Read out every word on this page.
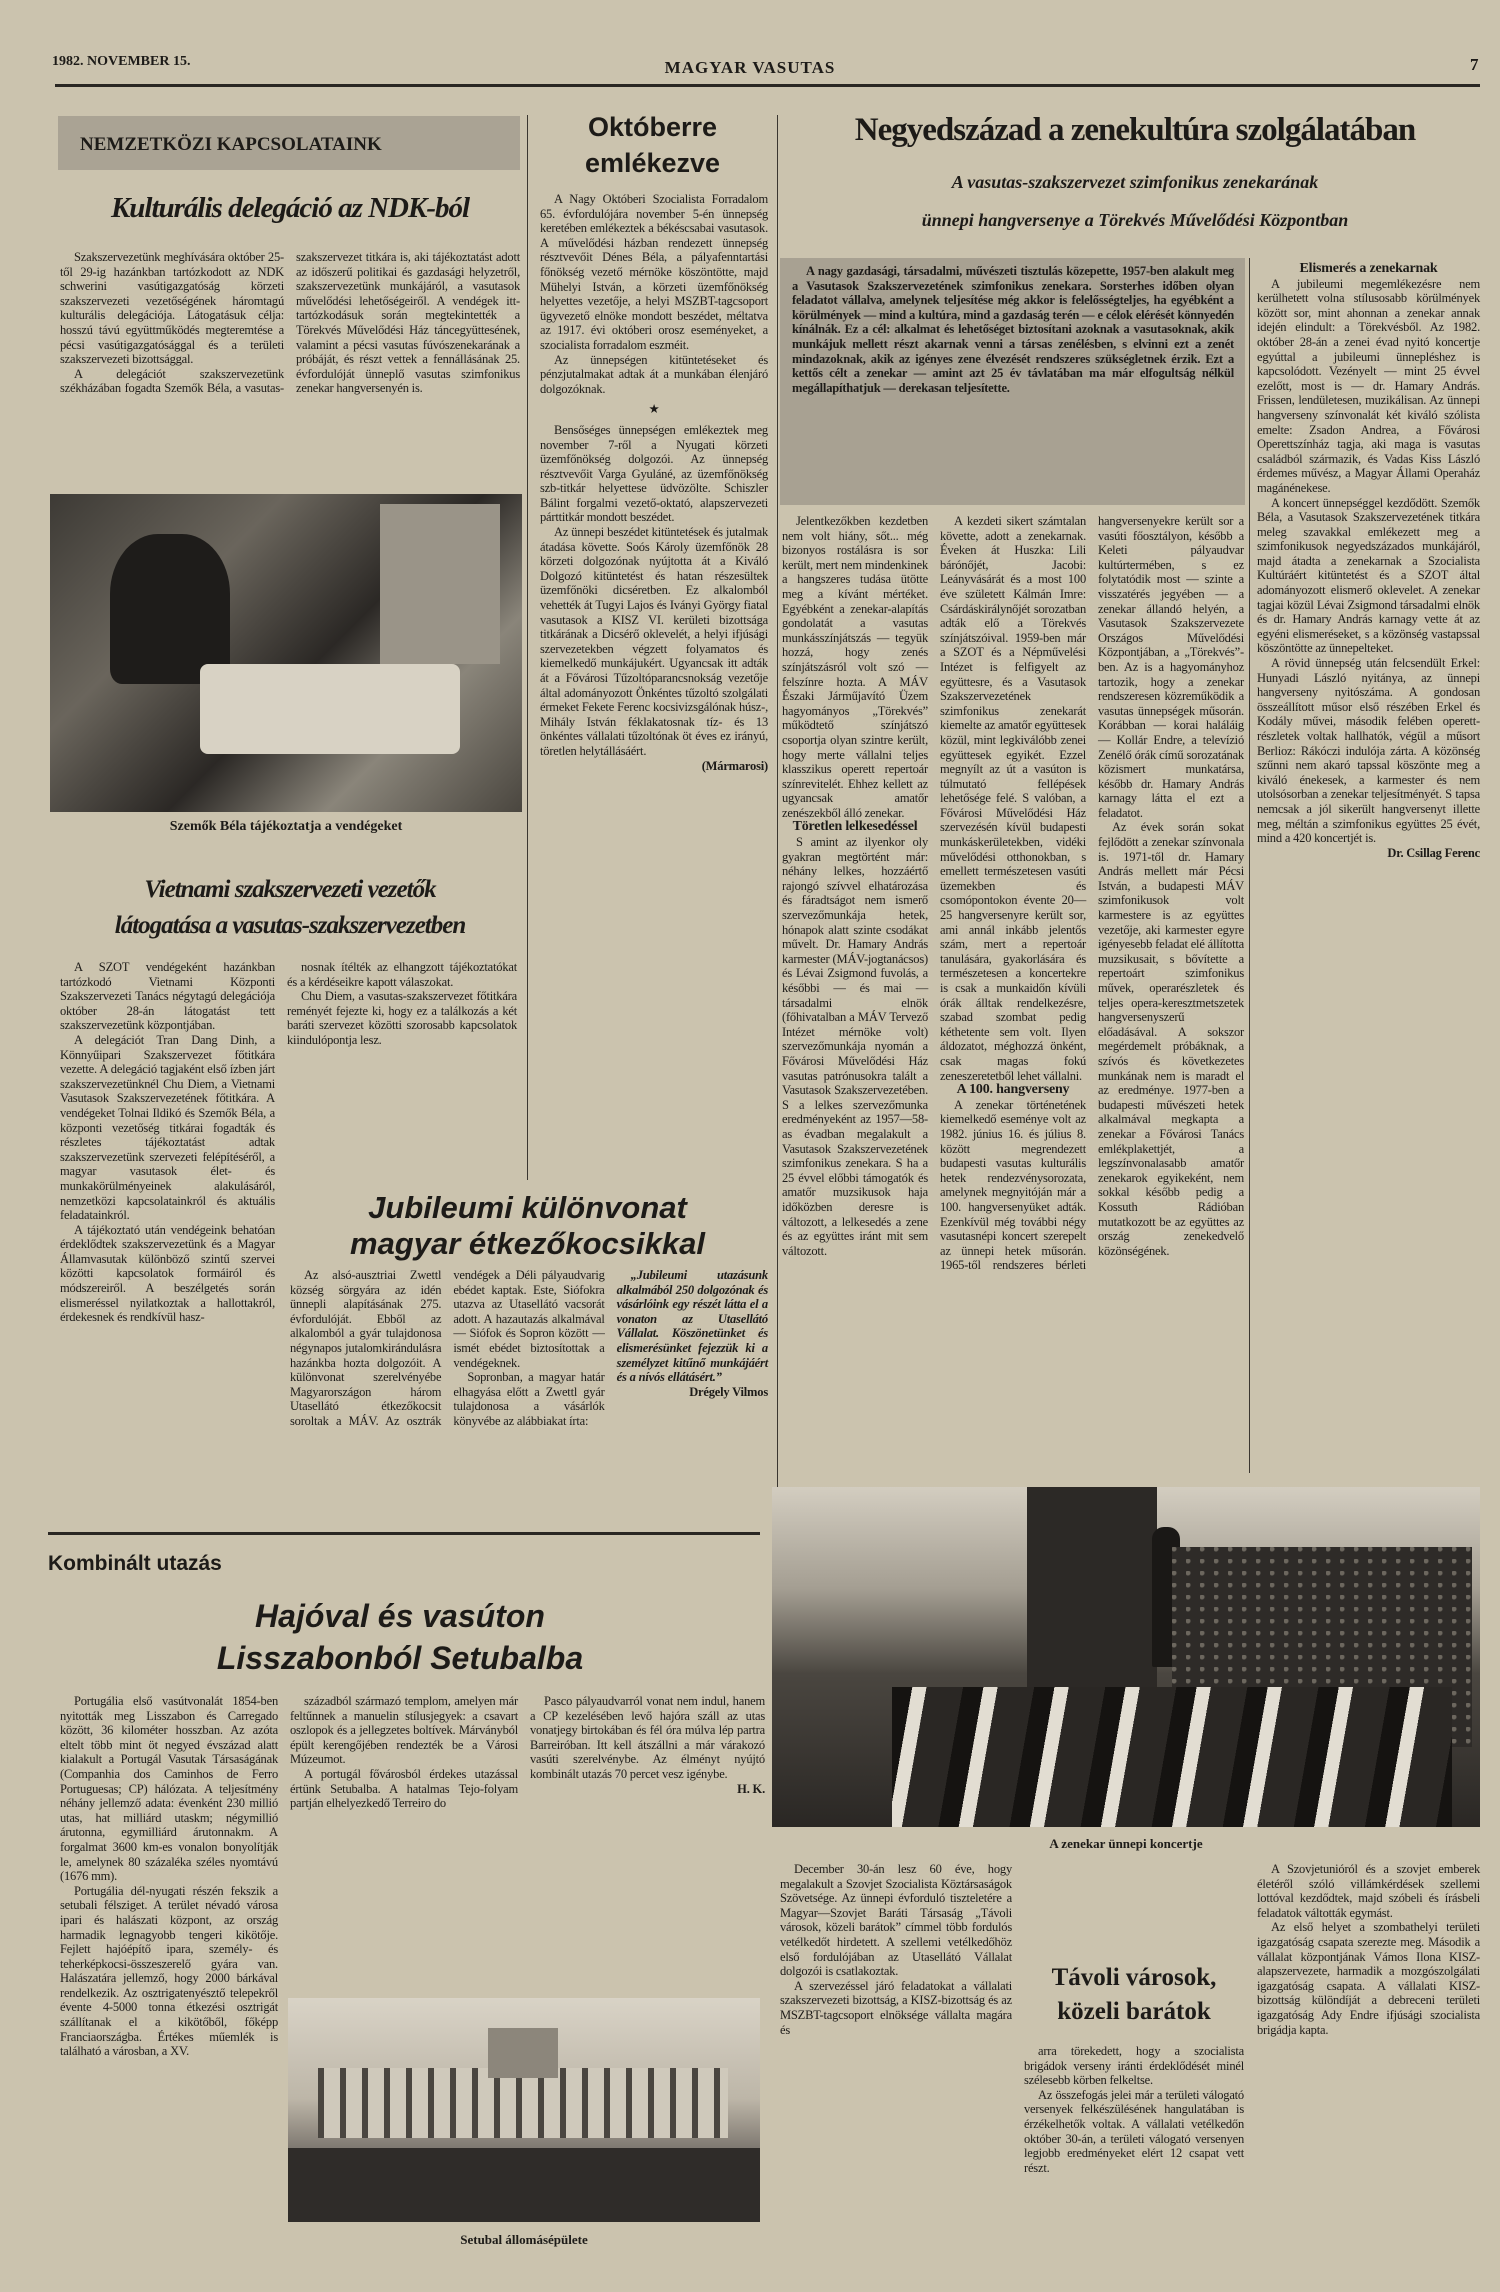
1982. NOVEMBER 15.	MAGYAR VASUTAS	7
NEMZETKÖZI KAPCSOLATAINK
Kulturális delegáció az NDK-ból

Szakszervezetünk meghívására október 25-től 29-ig hazánkban tartózkodott az NDK schwerini vasútigazgatóság körzeti szakszervezeti vezetőségének háromtagú kulturális delegációja. Látogatásuk célja: hosszú távú együttműködés megteremtése a pécsi vasútigazgatósággal és a területi szakszervezeti bizottsággal.

A delegációt szakszervezetünk székházában fogadta Szemők Béla, a vasutas-szakszervezet titkára is, aki tájékoztatást adott az időszerű politikai és gazdasági helyzetről, szakszervezetünk munkájáról, a vasutasok művelődési lehetőségeiről. A vendégek itt-tartózkodásuk során megtekintették a Törekvés Művelődési Ház táncegyüttesének, valamint a pécsi vasutas fúvószenekarának a próbáját, és részt vettek a fennállásának 25. évfordulóját ünneplő vasutas szimfonikus zenekar hangversenyén is.

Szemők Béla tájékoztatja a vendégeket
Vietnami szakszervezeti vezetők
látogatása a vasutas-szakszervezetben

A SZOT vendégeként hazánkban tartózkodó Vietnami Központi Szakszervezeti Tanács négytagú delegációja október 28-án látogatást tett szakszervezetünk központjában.

A delegációt Tran Dang Dinh, a Könnyűipari Szakszervezet főtitkára vezette. A delegáció tagjaként első ízben járt szakszervezetünknél Chu Diem, a Vietnami Vasutasok Szakszervezetének főtitkára. A vendégeket Tolnai Ildikó és Szemők Béla, a központi vezetőség titkárai fogadták és részletes tájékoztatást adtak szakszervezetünk szervezeti felépítéséről, a magyar vasutasok élet- és munkakörülményeinek alakulásáról, nemzetközi kapcsolatainkról és aktuális feladatainkról.

A tájékoztató után vendégeink behatóan érdeklődtek szakszervezetünk és a Magyar Államvasutak különböző szintű szervei közötti kapcsolatok formáiról és módszereiről. A beszélgetés során elismeréssel nyilatkoztak a hallottakról, érdekesnek és rendkívül hasz-

nosnak ítélték az elhangzott tájékoztatókat és a kérdéseikre kapott válaszokat.

Chu Diem, a vasutas-szakszervezet főtitkára reményét fejezte ki, hogy ez a találkozás a két baráti szervezet közötti szorosabb kapcsolatok kiindulópontja lesz.

Októberre
emlékezve

A Nagy Októberi Szocialista Forradalom 65. évfordulójára november 5-én ünnepség keretében emlékeztek a békéscsabai vasutasok. A művelődési házban rendezett ünnepség résztvevőit Dénes Béla, a pályafenntartási főnökség vezető mérnöke köszöntötte, majd Mühelyi István, a körzeti üzemfőnökség helyettes vezetője, a helyi MSZBT-tagcsoport ügyvezető elnöke mondott beszédet, méltatva az 1917. évi októberi orosz eseményeket, a szocialista forradalom eszméit.

Az ünnepségen kitüntetéseket és pénzjutalmakat adtak át a munkában élenjáró dolgozóknak.

★

Bensőséges ünnepségen emlékeztek meg november 7-ről a Nyugati körzeti üzemfőnökség dolgozói. Az ünnepség résztvevőit Varga Gyuláné, az üzemfőnökség szb-titkár helyettese üdvözölte. Schiszler Bálint forgalmi vezető-oktató, alapszervezeti párttitkár mondott beszédet.

Az ünnepi beszédet kitüntetések és jutalmak átadása követte. Soós Károly üzemfőnök 28 körzeti dolgozónak nyújtotta át a Kiváló Dolgozó kitüntetést és hatan részesültek üzemfőnöki dicséretben. Ez alkalomból vehették át Tugyi Lajos és Iványi György fiatal vasutasok a KISZ VI. kerületi bizottsága titkárának a Dicsérő oklevelét, a helyi ifjúsági szervezetekben végzett folyamatos és kiemelkedő munkájukért. Ugyancsak itt adták át a Fővárosi Tűzoltóparancsnokság vezetője által adományozott Önkéntes tűzoltó szolgálati érmeket Fekete Ferenc kocsivizsgálónak húsz-, Mihály István féklakatosnak tíz- és 13 önkéntes vállalati tűzoltónak öt éves ez irányú, töretlen helytállásáért.

(Mármarosi)

Jubileumi különvonat
magyar étkezőkocsikkal

Az alsó-ausztriai Zwettl község sörgyára az idén ünnepli alapításának 275. évfordulóját. Ebből az alkalomból a gyár tulajdonosa négynapos jutalomkirándulásra hazánkba hozta dolgozóit. A különvonat szerelvényébe Magyarországon három Utasellátó étkezőkocsit soroltak a MÁV. Az osztrák vendégek a Déli pályaudvarig ebédet kaptak. Este, Siófokra utazva az Utasellátó vacsorát adott. A hazautazás alkalmával — Siófok és Sopron között — ismét ebédet biztosítottak a vendégeknek.

Sopronban, a magyar határ elhagyása előtt a Zwettl gyár tulajdonosa a vásárlók könyvébe az alábbiakat írta:

„Jubileumi utazásunk alkalmából 250 dolgozónak és vásárlóink egy részét látta el a vonaton az Utasellátó Vállalat. Köszönetünket és elismerésünket fejezzük ki a személyzet kitűnő munkájáért és a nívós ellátásért.”

Drégely Vilmos

Kombinált utazás
Hajóval és vasúton
Lisszabonból Setubalba

Portugália első vasútvonalát 1854-ben nyitották meg Lisszabon és Carregado között, 36 kilométer hosszban. Az azóta eltelt több mint öt negyed évszázad alatt kialakult a Portugál Vasutak Társaságának (Companhia dos Caminhos de Ferro Portuguesas; CP) hálózata. A teljesítmény néhány jellemző adata: évenként 230 millió utas, hat milliárd utaskm; négymillió árutonna, egymilliárd árutonnakm. A forgalmat 3600 km-es vonalon bonyolítják le, amelynek 80 százaléka széles nyomtávú (1676 mm).

Portugália dél-nyugati részén fekszik a setubali félsziget. A terület névadó városa ipari és halászati központ, az ország harmadik legnagyobb tengeri kikötője. Fejlett hajóépítő ipara, személy- és teherképkocsi-összeszerelő gyára van. Halászatára jellemző, hogy 2000 bárkával rendelkezik. Az osztrigatenyésztő telepekről évente 4-5000 tonna étkezési osztrigát szállítanak el a kikötőből, főképp Franciaországba. Értékes műemlék is található a városban, a XV.

századból származó templom, amelyen már feltűnnek a manuelin stílusjegyek: a csavart oszlopok és a jellegzetes boltívek. Márványból épült kerengőjében rendezték be a Városi Múzeumot.

A portugál fővárosból érdekes utazással értünk Setubalba. A hatalmas Tejo-folyam partján elhelyezkedő Terreiro do

Pasco pályaudvarról vonat nem indul, hanem a CP kezelésében levő hajóra száll az utas vonatjegy birtokában és fél óra múlva lép partra Barreiróban. Itt kell átszállni a már várakozó vasúti szerelvénybe. Az élményt nyújtó kombinált utazás 70 percet vesz igénybe.

H. K.

Setubal állomásépülete
Negyedszázad a zenekultúra szolgálatában
A vasutas-szakszervezet szimfonikus zenekarának
ünnepi hangversenye a Törekvés Művelődési Központban

A nagy gazdasági, társadalmi, művészeti tisztulás közepette, 1957-ben alakult meg a Vasutasok Szakszervezetének szimfonikus zenekara. Sorsterhes időben olyan feladatot vállalva, amelynek teljesítése még akkor is felelősségteljes, ha egyébként a körülmények — mind a kultúra, mind a gazdaság terén — e célok elérését könnyedén kínálnák. Ez a cél: alkalmat és lehetőséget biztosítani azoknak a vasutasoknak, akik munkájuk mellett részt akarnak venni a társas zenélésben, s elvinni ezt a zenét mindazoknak, akik az igényes zene élvezését rendszeres szükségletnek érzik. Ezt a kettős célt a zenekar — amint azt 25 év távlatában ma már elfogultság nélkül megállapíthatjuk — derekasan teljesítette.

Jelentkezőkben kezdetben nem volt hiány, sőt... még bizonyos rostálásra is sor került, mert nem mindenkinek a hangszeres tudása ütötte meg a kívánt mértéket. Egyébként a zenekar-alapítás gondolatát a vasutas munkásszínjátszás — tegyük hozzá, hogy zenés színjátszásról volt szó — felszínre hozta. A MÁV Északi Járműjavító Üzem hagyományos „Törekvés” működtető színjátszó csoportja olyan szintre került, hogy merte vállalni teljes klasszikus operett repertoár színrevitelét. Ehhez kellett az ugyancsak amatőr zenészekből álló zenekar.

Töretlen lelkesedéssel

S amint az ilyenkor oly gyakran megtörtént már: néhány lelkes, hozzáértő rajongó szívvel elhatározása és fáradtságot nem ismerő szervezőmunkája hetek, hónapok alatt szinte csodákat művelt. Dr. Hamary András karmester (MÁV-jogtanácsos) és Lévai Zsigmond fuvolás, a későbbi — és mai — társadalmi elnök (főhivatalban a MÁV Tervező Intézet mérnöke volt) szervezőmunkája nyomán a Fővárosi Művelődési Ház vasutas patrónusokra talált a Vasutasok Szakszervezetében. S a lelkes szervezőmunka eredményeként az 1957—58-as évadban megalakult a Vasutasok Szakszervezetének szimfonikus zenekara. S ha a 25 évvel előbbi támogatók és amatőr muzsikusok haja időközben deresre is változott, a lelkesedés a zene és az együttes iránt mit sem változott.

A kezdeti sikert számtalan követte, adott a zenekarnak. Éveken át Huszka: Lili bárónőjét, Jacobi: Leányvásárát és a most 100 éve született Kálmán Imre: Csárdáskirálynőjét sorozatban adták elő a Törekvés színjátszóival. 1959-ben már a SZOT és a Népművelési Intézet is felfigyelt az együttesre, és a Vasutasok Szakszervezetének szimfonikus zenekarát kiemelte az amatőr együttesek közül, mint legkiválóbb zenei együttesek egyikét. Ezzel megnyílt az út a vasúton is túlmutató fellépések lehetősége felé. S valóban, a Fővárosi Művelődési Ház szervezésén kívül budapesti munkáskerületekben, vidéki művelődési otthonokban, s emellett természetesen vasúti üzemekben és csomópontokon évente 20—25 hangversenyre került sor, ami annál inkább jelentős szám, mert a repertoár tanulására, gyakorlására és természetesen a koncertekre is csak a munkaidőn kívüli órák álltak rendelkezésre, szabad szombat pedig kéthetente sem volt. Ilyen áldozatot, méghozzá önként, csak magas fokú zeneszeretetből lehet vállalni.

A 100. hangverseny

A zenekar történetének kiemelkedő eseménye volt az 1982. június 16. és július 8. között megrendezett budapesti vasutas kulturális hetek rendezvénysorozata, amelynek megnyitóján már a 100. hangversenyüket adták. Ezenkívül még további négy vasutasnépi koncert szerepelt az ünnepi hetek műsorán. 1965-től rendszeres bérleti hangversenyekre került sor a vasúti főosztályon, később a Keleti pályaudvar kultúrtermében, s ez folytatódik most — szinte a visszatérés jegyében — a zenekar állandó helyén, a Vasutasok Szakszervezete Országos Művelődési Központjában, a „Törekvés”-ben. Az is a hagyományhoz tartozik, hogy a zenekar rendszeresen közreműködik a vasutas ünnepségek műsorán. Korábban — korai haláláig — Kollár Endre, a televízió Zenélő órák című sorozatának közismert munkatársa, később dr. Hamary András karnagy látta el ezt a feladatot.

Az évek során sokat fejlődött a zenekar színvonala is. 1971-től dr. Hamary András mellett már Pécsi István, a budapesti MÁV szimfonikusok volt karmestere is az együttes vezetője, aki karmester egyre igényesebb feladat elé állította muzsikusait, s bővítette a repertoárt szimfonikus művek, operarészletek és teljes opera-keresztmetszetek hangversenyszerű előadásával. A sokszor megérdemelt próbáknak, a szívós és következetes munkának nem is maradt el az eredménye. 1977-ben a budapesti művészeti hetek alkalmával megkapta a zenekar a Fővárosi Tanács emlékplakettjét, a legszínvonalasabb amatőr zenekarok egyikeként, nem sokkal később pedig a Kossuth Rádióban mutatkozott be az együttes az ország zenekedvelő közönségének.

Elismerés a zenekarnak

A jubileumi megemlékezésre nem kerülhetett volna stílusosabb körülmények között sor, mint ahonnan a zenekar annak idején elindult: a Törekvésből. Az 1982. október 28-án a zenei évad nyitó koncertje egyúttal a jubileumi ünnepléshez is kapcsolódott. Vezényelt — mint 25 évvel ezelőtt, most is — dr. Hamary András. Frissen, lendületesen, muzikálisan. Az ünnepi hangverseny színvonalát két kiváló szólista emelte: Zsadon Andrea, a Fővárosi Operettszínház tagja, aki maga is vasutas családból származik, és Vadas Kiss László érdemes művész, a Magyar Állami Operaház magánénekese.

A koncert ünnepséggel kezdődött. Szemők Béla, a Vasutasok Szakszervezetének titkára meleg szavakkal emlékezett meg a szimfonikusok negyedszázados munkájáról, majd átadta a zenekarnak a Szocialista Kultúráért kitüntetést és a SZOT által adományozott elismerő oklevelet. A zenekar tagjai közül Lévai Zsigmond társadalmi elnök és dr. Hamary András karnagy vette át az egyéni elismeréseket, s a közönség vastapssal köszöntötte az ünnepelteket.

A rövid ünnepség után felcsendült Erkel: Hunyadi László nyitánya, az ünnepi hangverseny nyitószáma. A gondosan összeállított műsor első részében Erkel és Kodály művei, második felében operett-részletek voltak hallhatók, végül a műsort Berlioz: Rákóczi indulója zárta. A közönség szűnni nem akaró tapssal köszönte meg a kiváló énekesek, a karmester és nem utolsósorban a zenekar teljesítményét. S tapsa nemcsak a jól sikerült hangversenyt illette meg, méltán a szimfonikus együttes 25 évét, mind a 420 koncertjét is.

Dr. Csillag Ferenc

A zenekar ünnepi koncertje

December 30-án lesz 60 éve, hogy megalakult a Szovjet Szocialista Köztársaságok Szövetsége. Az ünnepi évforduló tiszteletére a Magyar—Szovjet Baráti Társaság „Távoli városok, közeli barátok” címmel több fordulós vetélkedőt hirdetett. A szellemi vetélkedőhöz első fordulójában az Utasellátó Vállalat dolgozói is csatlakoztak.

A szervezéssel járó feladatokat a vállalati szakszervezeti bizottság, a KISZ-bizottság és az MSZBT-tagcsoport elnöksége vállalta magára és

Távoli városok,
közeli barátok

arra törekedett, hogy a szocialista brigádok verseny iránti érdeklődését minél szélesebb körben felkeltse.

Az összefogás jelei már a területi válogató versenyek felkészülésének hangulatában is érzékelhetők voltak. A vállalati vetélkedőn október 30-án, a területi válogató versenyen legjobb eredményeket elért 12 csapat vett részt.

A Szovjetunióról és a szovjet emberek életéről szóló villámkérdések szellemi lottóval kezdődtek, majd szóbeli és írásbeli feladatok váltották egymást.

Az első helyet a szombathelyi területi igazgatóság csapata szerezte meg. Második a vállalat központjának Vámos Ilona KISZ-alapszervezete, harmadik a mozgószolgálati igazgatóság csapata. A vállalati KISZ-bizottság különdíját a debreceni területi igazgatóság Ady Endre ifjúsági szocialista brigádja kapta.
